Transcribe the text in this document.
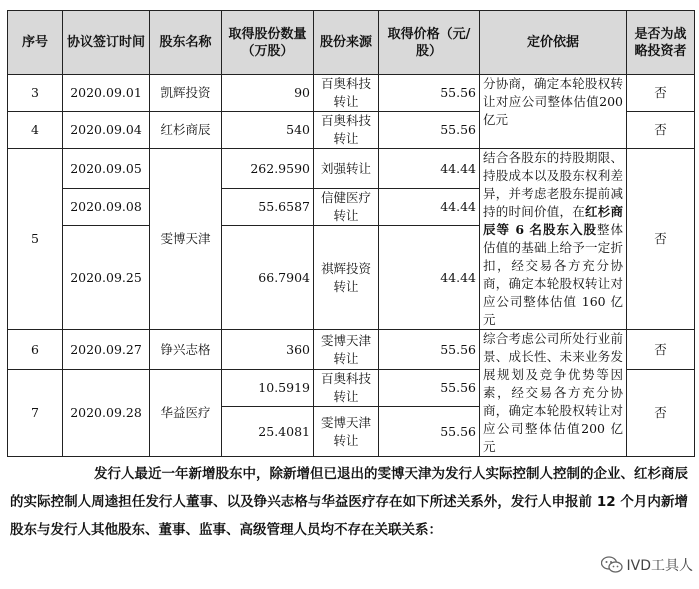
序号	协议签订时间	股东名称	取得股份数量（万股）	股份来源	取得价格（元/股）	定价依据	是否为战略投资者
3	2020.09.01	凯辉投资	90	百奥科技转让	55.56	分协商，确定本轮股权转让对应公司整体估值200 亿元	否
4	2020.09.04	红杉商辰	540	百奥科技转让	55.56		否
5	2020.09.05	雯博天津	262.9590	刘强转让	44.44	结合各股东的持股期限、持股成本以及股东权利差异，并考虑老股东提前减持的时间价值，在红杉商辰等 6 名股东入股整体估值的基础上给予一定折扣，经交易各方充分协商，确定本轮股权转让对应公司整体估值 160 亿元	否
	2020.09.08		55.6587	信健医疗转让	44.44		
	2020.09.25		66.7904	祺辉投资转让	44.44		
6	2020.09.27	铮兴志格	360	雯博天津转让	55.56	综合考虑公司所处行业前景、成长性、未来业务发展规划及竞争优势等因素，经交易各方充分协商，确定本轮股权转让对应公司整体估值200 亿元	否
7	2020.09.28	华益医疗	10.5919	百奥科技转让	55.56		否
			25.4081	雯博天津转让	55.56		
发行人最近一年新增股东中，除新增但已退出的雯博天津为发行人实际控制人控制的企业、红杉商辰的实际控制人周逵担任发行人董事、以及铮兴志格与华益医疗存在如下所述关系外，发行人申报前 12 个月内新增股东与发行人其他股东、董事、监事、高级管理人员均不存在关联关系：
IVD工具人
